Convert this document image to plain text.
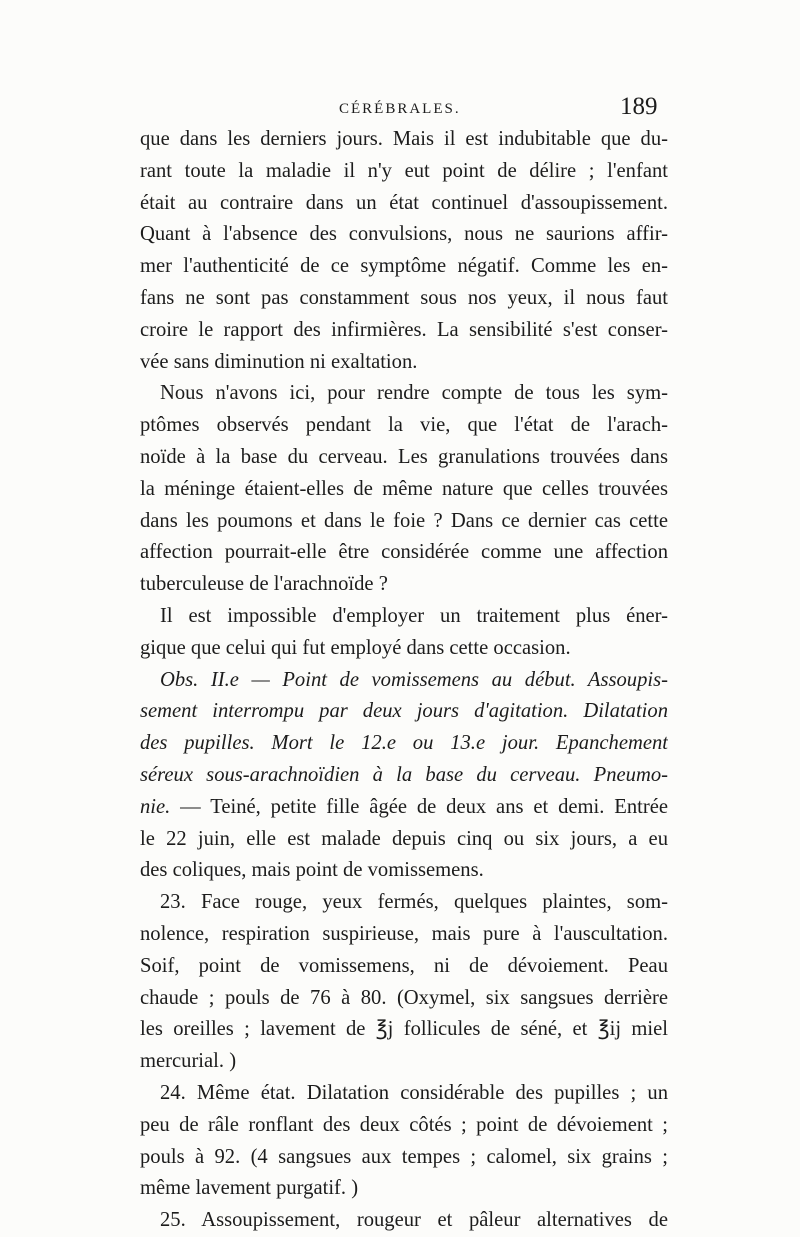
CÉRÉBRALES.	189
que dans les derniers jours. Mais il est indubitable que du-
rant toute la maladie il n'y eut point de délire ; l'enfant
était au contraire dans un état continuel d'assoupissement.
Quant à l'absence des convulsions, nous ne saurions affir-
mer l'authenticité de ce symptôme négatif. Comme les en-
fans ne sont pas constamment sous nos yeux, il nous faut
croire le rapport des infirmières. La sensibilité s'est conser-
vée sans diminution ni exaltation.
Nous n'avons ici, pour rendre compte de tous les sym-
ptômes observés pendant la vie, que l'état de l'arach-
noïde à la base du cerveau. Les granulations trouvées dans
la méninge étaient-elles de même nature que celles trouvées
dans les poumons et dans le foie ? Dans ce dernier cas cette
affection pourrait-elle être considérée comme une affection
tuberculeuse de l'arachnoïde ?
Il est impossible d'employer un traitement plus éner-
gique que celui qui fut employé dans cette occasion.
Obs. II.e — Point de vomissemens au début. Assoupis-
sement interrompu par deux jours d'agitation. Dilatation
des pupilles. Mort le 12.e ou 13.e jour. Epanchement
séreux sous-arachnoïdien à la base du cerveau. Pneumo-
nie. — Teiné, petite fille âgée de deux ans et demi. Entrée
le 22 juin, elle est malade depuis cinq ou six jours, a eu
des coliques, mais point de vomissemens.
23. Face rouge, yeux fermés, quelques plaintes, som-
nolence, respiration suspirieuse, mais pure à l'auscultation.
Soif, point de vomissemens, ni de dévoiement. Peau
chaude ; pouls de 76 à 80. (Oxymel, six sangsues derrière
les oreilles ; lavement de ℥j follicules de séné, et ℥ij miel
mercurial. )
24. Même état. Dilatation considérable des pupilles ; un
peu de râle ronflant des deux côtés ; point de dévoiement ;
pouls à 92. (4 sangsues aux tempes ; calomel, six grains ;
même lavement purgatif. )
25. Assoupissement, rougeur et pâleur alternatives de
